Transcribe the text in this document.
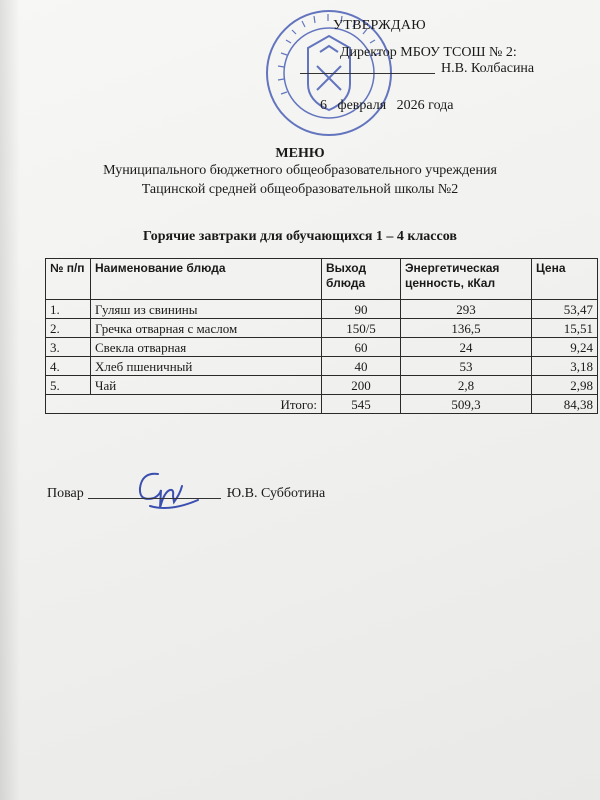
УТВЕРЖДАЮ
Директор МБОУ ТСОШ № 2:
Н.В. Колбасина
6 февраля 2026 года
МЕНЮ
Муниципального бюджетного общеобразовательного учреждения
Тацинской средней общеобразовательной школы №2
Горячие завтраки для обучающихся 1 – 4 классов
№ п/п	Наименование блюда	Выход блюда	Энергетическая ценность, кКал	Цена
1.	Гуляш из свинины	90	293	53,47
2.	Гречка отварная с маслом	150/5	136,5	15,51
3.	Свекла отварная	60	24	9,24
4.	Хлеб пшеничный	40	53	3,18
5.	Чай	200	2,8	2,98
Итого:		545	509,3	84,38
Повар	Ю.В. Субботина
